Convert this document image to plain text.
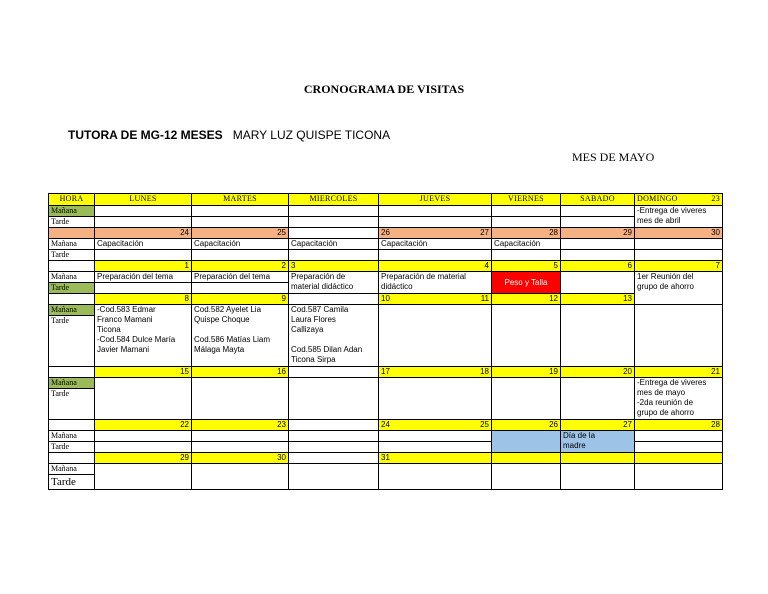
CRONOGRAMA DE VISITAS
TUTORA DE MG-12 MESES MARY LUZ QUISPE TICONA
MES DE MAYO
HORA	LUNES	MARTES	MIERCOLES	JUEVES	VIERNES	SABADO	DOMINGO 23

Mañana							-Entrega de viveres
mes de abril
Tarde							
	24	25		26 27	28	29	30
Mañana	Capacitación	Capacitación	Capacitación	Capacitación	Capacitación		
Tarde							
	1	2	3	4	5	6	7
Mañana	Preparación del tema	Preparación del tema	Preparación de
material didáctico	Preparación de material
didáctico	Peso y Talla		1er Reunión del
grupo de ahorro
Tarde							
	8	9		10 11	12	13	
Mañana	-Cod.583 Edmar
Franco Mamani
Ticona
-Cod.584 Dulce María
Javier Mamani	Cod.582 Ayelet Lia
Quispe Choque

Cod.586 Matías Liam
Málaga Mayta	Cod.587 Camila
Laura Flores
Callizaya

Cod.585 Dilan Adan
Ticona Sirpa				
Tarde							
	15	16		17 18	19	20	21
Mañana							-Entrega de viveres
mes de mayo
-2da reunión de
grupo de ahorro
Tarde							
	22	23		24 25	26	27	28
Mañana						Día de la
madre	
Tarde							
	29	30		31			
Mañana							
Tarde							
